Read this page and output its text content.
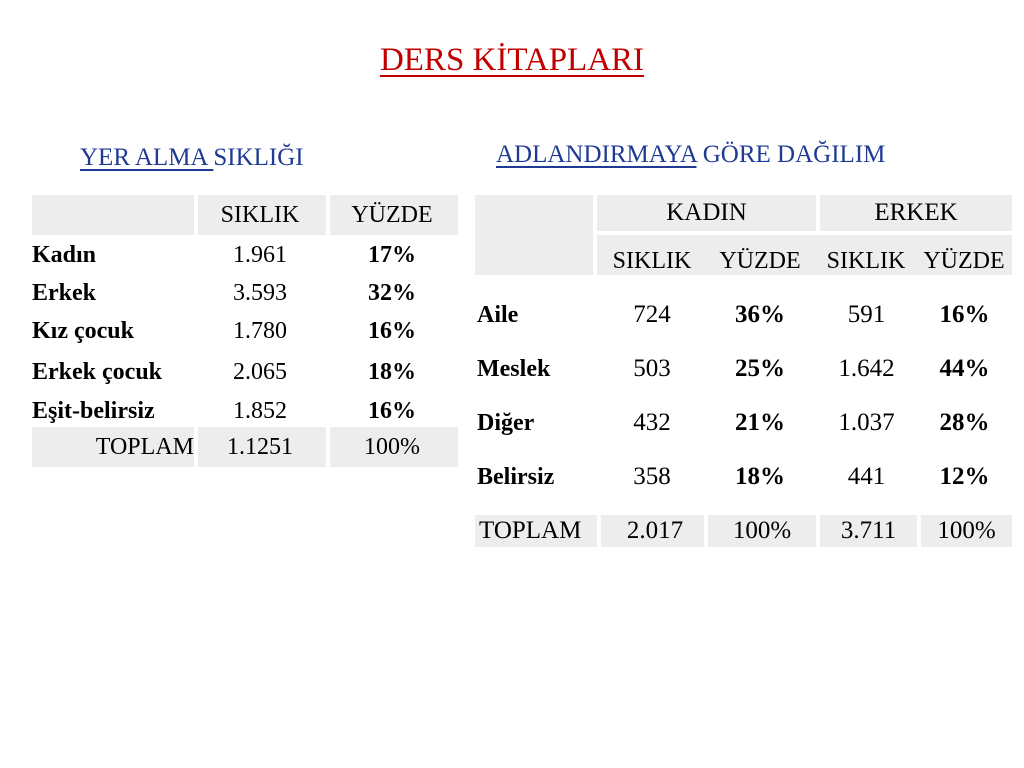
DERS KİTAPLARI
YER ALMA SIKLIĞI	ADLANDIRMAYA GÖRE DAĞILIM
SIKLIK	YÜZDE
Kadın	1.961	17%
Erkek	3.593	32%
Kız çocuk	1.780	16%
Erkek çocuk	2.065	18%
Eşit-belirsiz	1.852	16%
TOPLAM	1.1251	100%
KADIN	ERKEK
SIKLIK	YÜZDE	SIKLIK YÜZDE
Aile	724	36%	591	16%
Meslek	503	25%	1.642	44%
Diğer	432	21%	1.037	28%
Belirsiz	358	18%	441	12%
TOPLAM	2.017	100%	3.711	100%
